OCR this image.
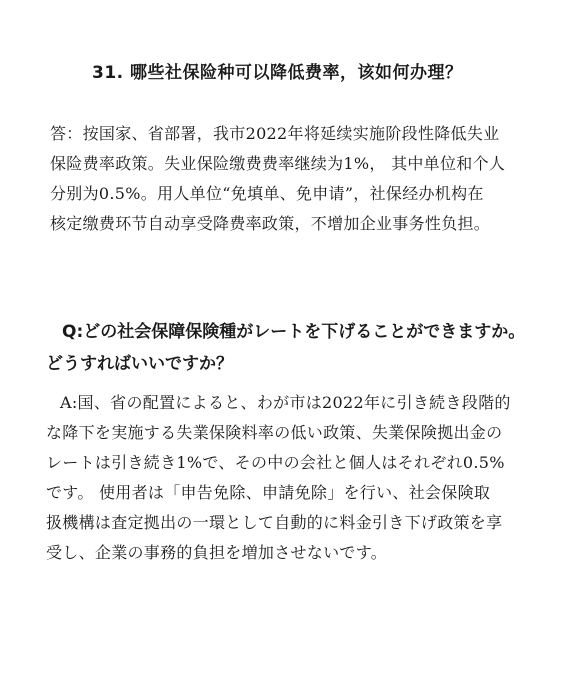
31. 哪些社保险种可以降低费率，该如何办理？
答：按国家、省部署，我市2022年将延续实施阶段性降低失业
保险费率政策。失业保险缴费费率继续为1%， 其中单位和个人
分别为0.5%。用人单位“免填单、免申请”，社保经办机构在
核定缴费环节自动享受降费率政策，不增加企业事务性负担。
Q:どの社会保障保険種がレートを下げることができますか。
どうすればいいですか？
A:国、省の配置によると、わが市は2022年に引き続き段階的
な降下を実施する失業保険料率の低い政策、失業保険拠出金の
レートは引き続き1%で、その中の会社と個人はそれぞれ0.5%
です。 使用者は「申告免除、申請免除」を行い、社会保険取
扱機構は査定拠出の一環として自動的に料金引き下げ政策を享
受し、企業の事務的負担を増加させないです。
